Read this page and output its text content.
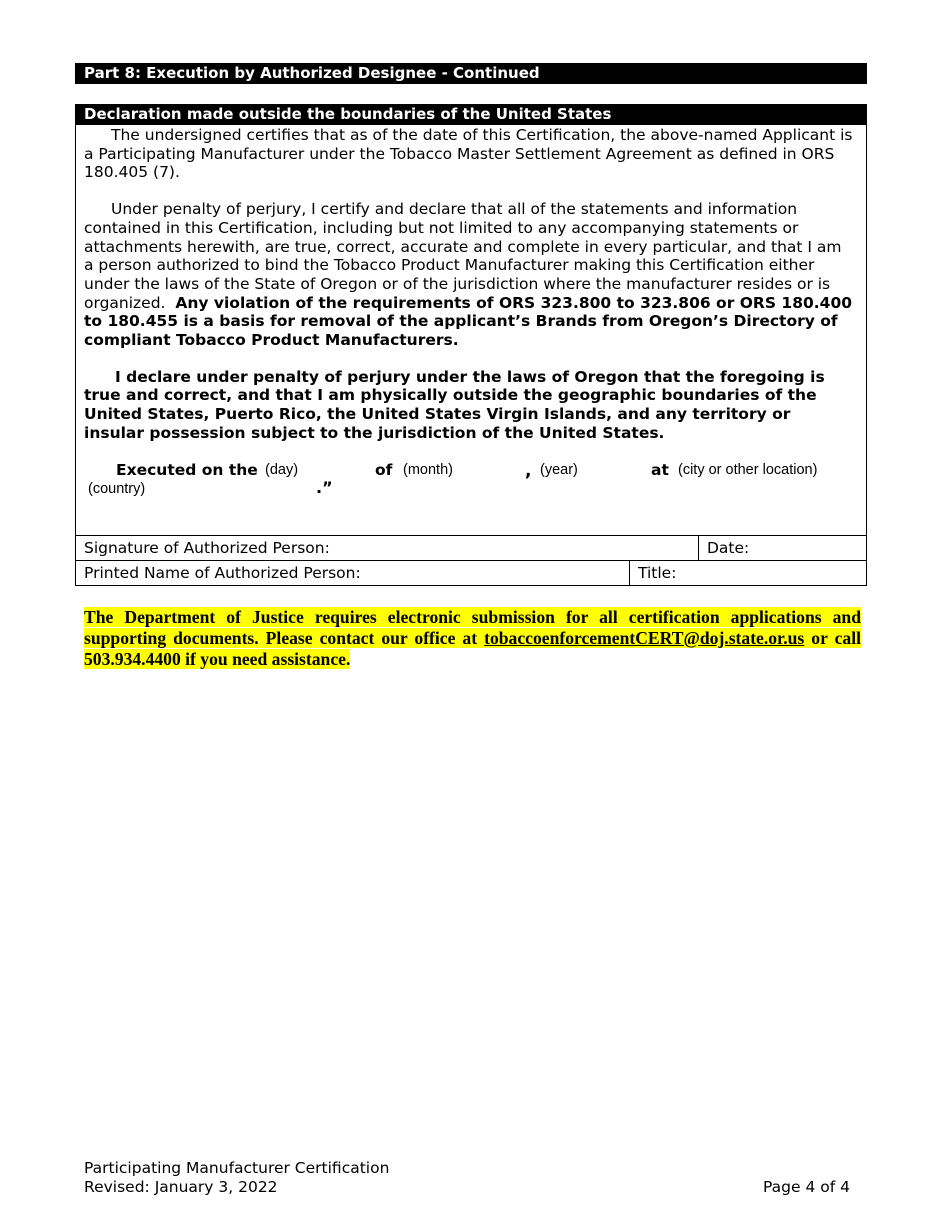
Part 8: Execution by Authorized Designee - Continued
Declaration made outside the boundaries of the United States

The undersigned certifies that as of the date of this Certification, the above-named Applicant is a Participating Manufacturer under the Tobacco Master Settlement Agreement as defined in ORS 180.405 (7).

Under penalty of perjury, I certify and declare that all of the statements and information contained in this Certification, including but not limited to any accompanying statements or attachments herewith, are true, correct, accurate and complete in every particular, and that I am a person authorized to bind the Tobacco Product Manufacturer making this Certification either under the laws of the State of Oregon or of the jurisdiction where the manufacturer resides or is organized. Any violation of the requirements of ORS 323.800 to 323.806 or ORS 180.400 to 180.455 is a basis for removal of the applicant’s Brands from Oregon’s Directory of compliant Tobacco Product Manufacturers.

I declare under penalty of perjury under the laws of Oregon that the foregoing is true and correct, and that I am physically outside the geographic boundaries of the United States, Puerto Rico, the United States Virgin Islands, and any territory or insular possession subject to the jurisdiction of the United States.

Executed on the (day)	of (month)	, (year)	at (city or other location)
(country)	.”
Signature of Authorized Person:	Date:
Printed Name of Authorized Person:	Title:
The Department of Justice requires electronic submission for all certification applications and supporting documents. Please contact our office at tobaccoenforcementCERT@doj.state.or.us or call 503.934.4400 if you need assistance.
Participating Manufacturer Certification
Revised: January 3, 2022	Page 4 of 4
